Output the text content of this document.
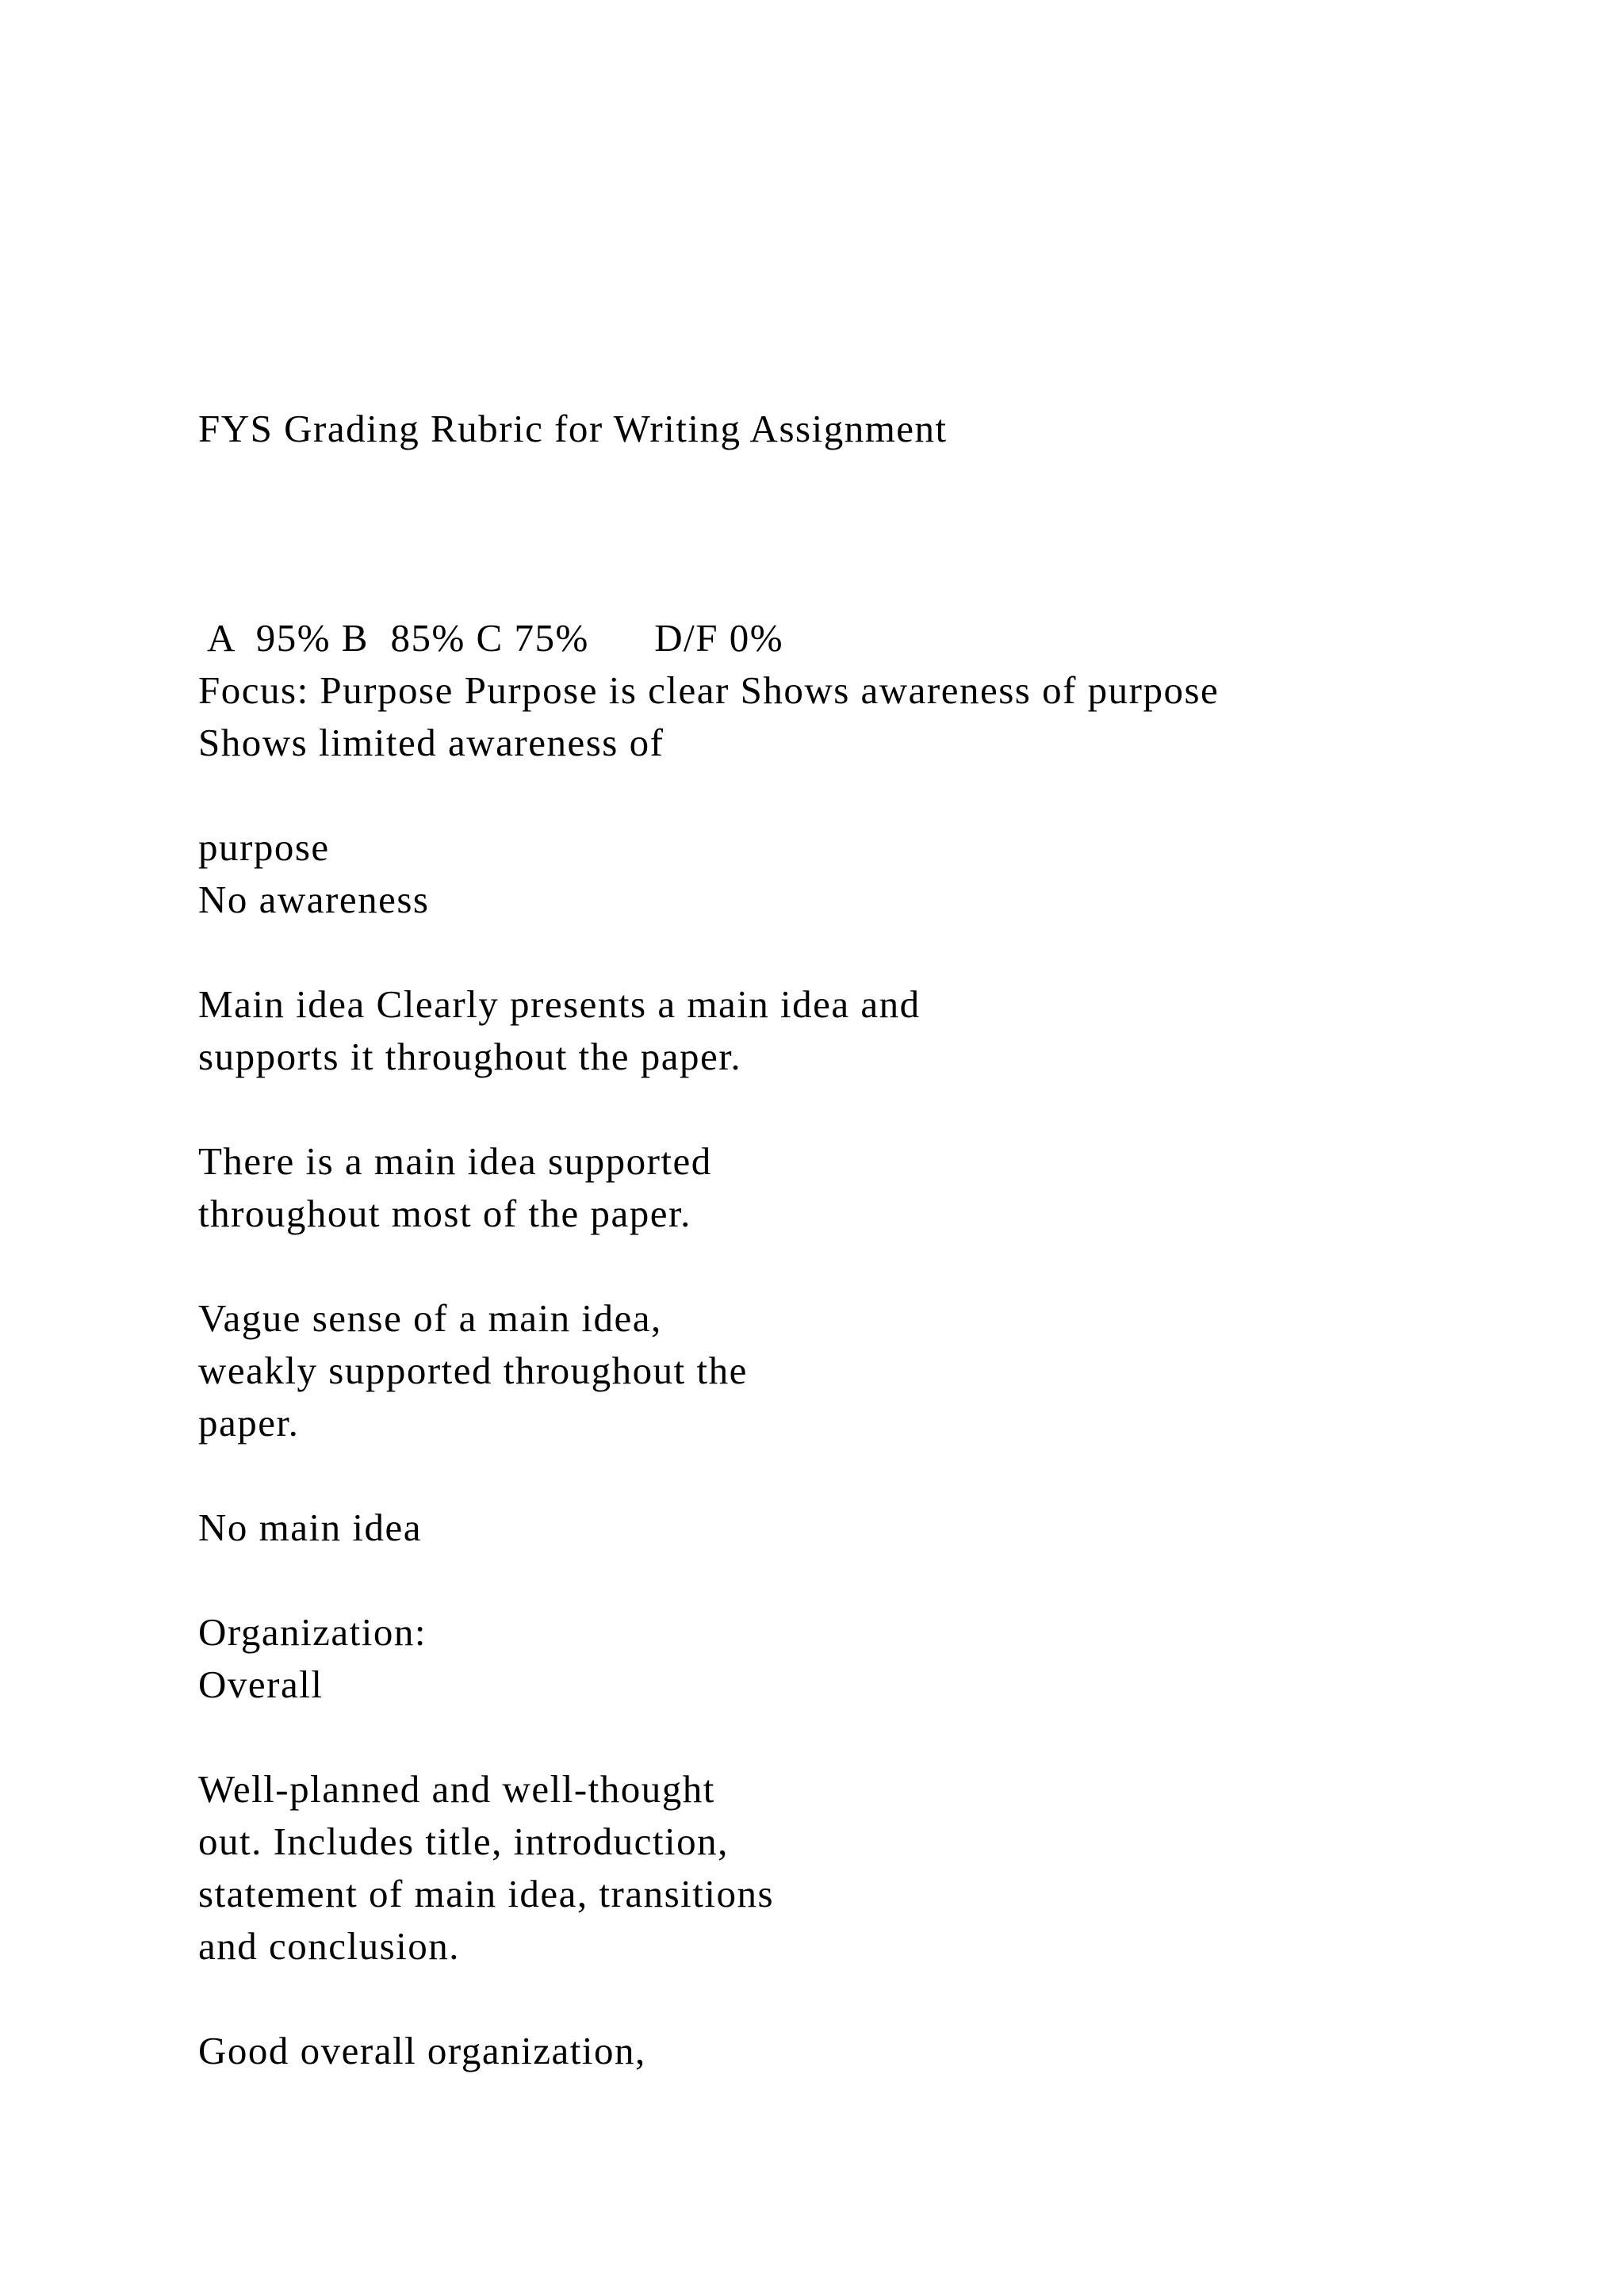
FYS Grading Rubric for Writing Assignment

A  95% B  85% C 75%      D/F 0%

Focus: Purpose Purpose is clear Shows awareness of purpose

Shows limited awareness of

purpose

No awareness

Main idea Clearly presents a main idea and

supports it throughout the paper.

There is a main idea supported

throughout most of the paper.

Vague sense of a main idea,

weakly supported throughout the

paper.

No main idea

Organization:

Overall

Well-planned and well-thought

out. Includes title, introduction,

statement of main idea, transitions

and conclusion.

Good overall organization,
